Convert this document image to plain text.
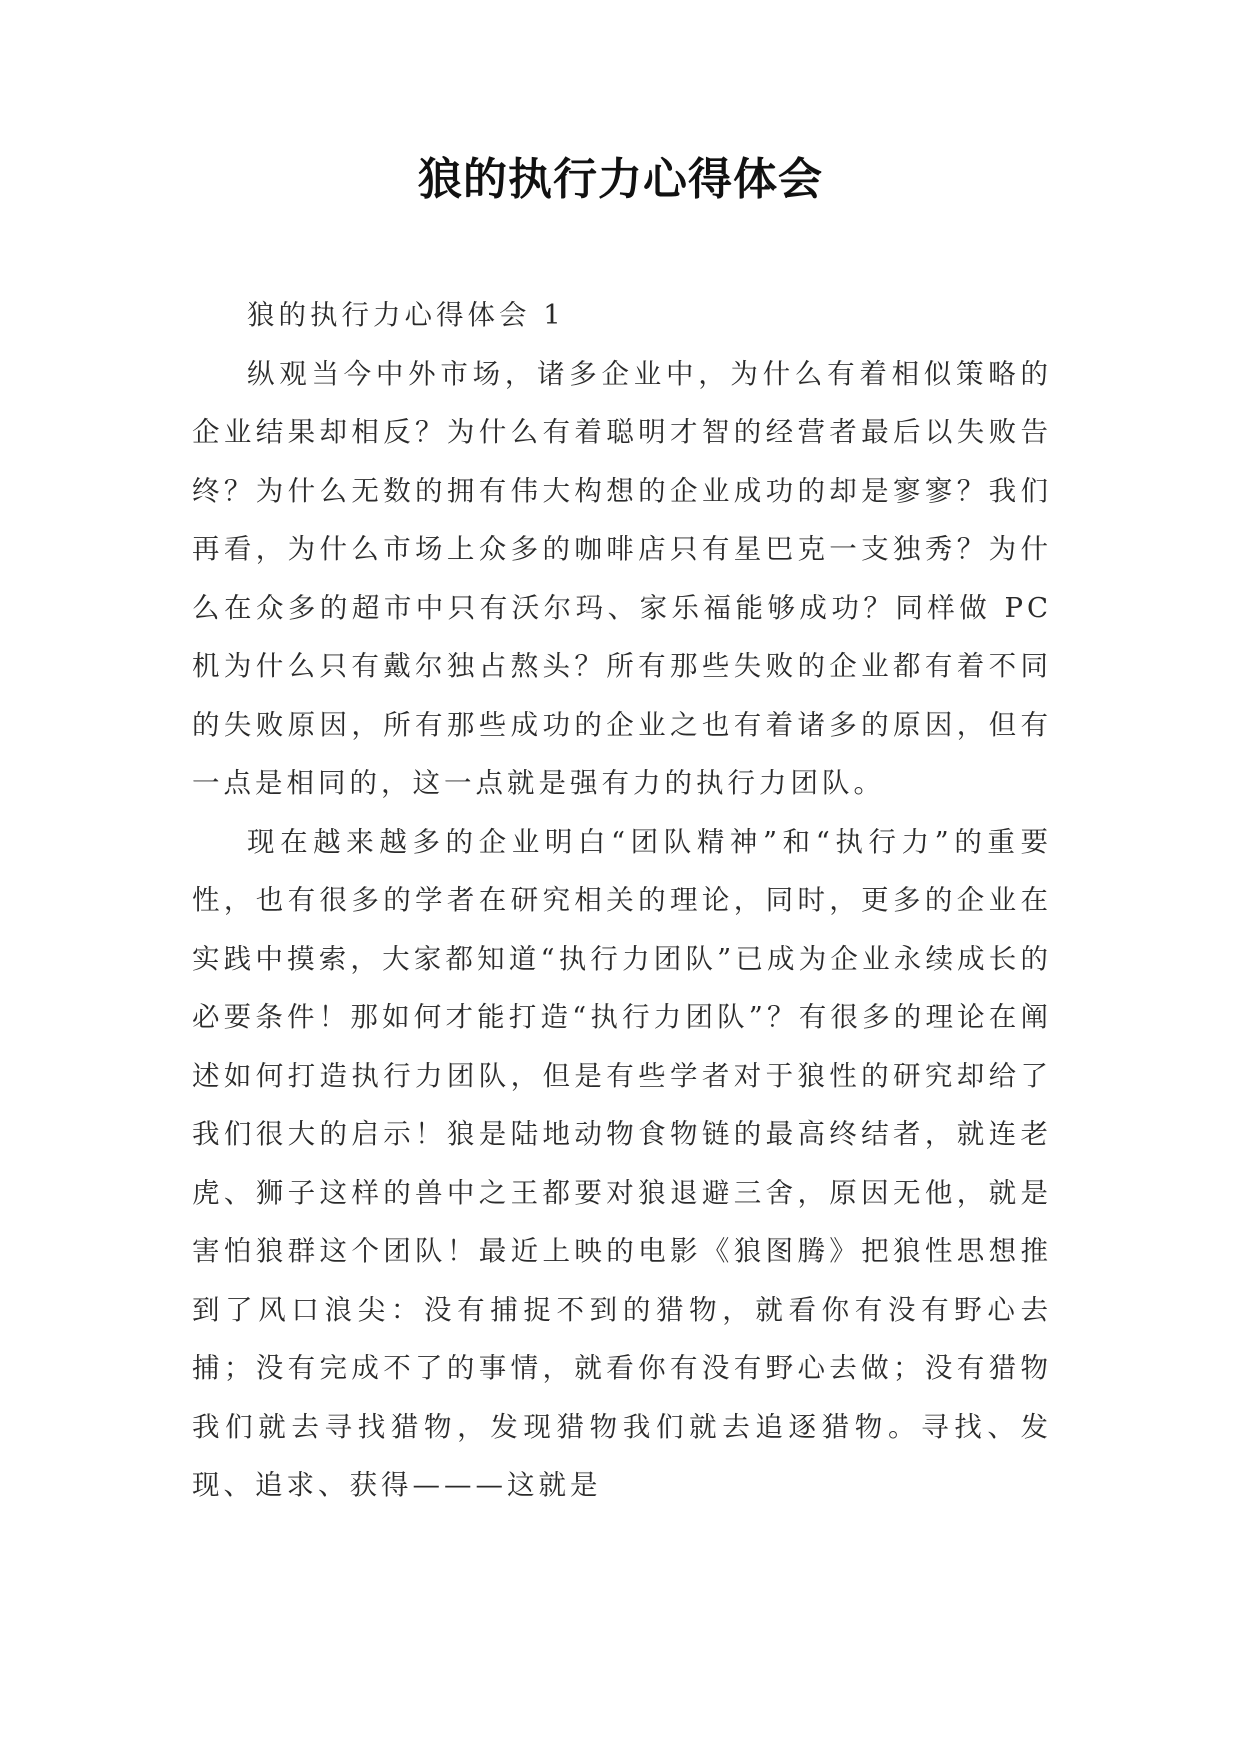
狼的执行力心得体会

狼的执行力心得体会 1

纵观当今中外市场，诸多企业中，为什么有着相似策略的企业结果却相反？为什么有着聪明才智的经营者最后以失败告终？为什么无数的拥有伟大构想的企业成功的却是寥寥？我们再看，为什么市场上众多的咖啡店只有星巴克一支独秀？为什么在众多的超市中只有沃尔玛、家乐福能够成功？同样做 PC 机为什么只有戴尔独占熬头？所有那些失败的企业都有着不同的失败原因，所有那些成功的企业之也有着诸多的原因，但有一点是相同的，这一点就是强有力的执行力团队。

现在越来越多的企业明白“团队精神”和“执行力”的重要性，也有很多的学者在研究相关的理论，同时，更多的企业在实践中摸索，大家都知道“执行力团队”已成为企业永续成长的必要条件！那如何才能打造“执行力团队”？有很多的理论在阐述如何打造执行力团队，但是有些学者对于狼性的研究却给了我们很大的启示！狼是陆地动物食物链的最高终结者，就连老虎、狮子这样的兽中之王都要对狼退避三舍，原因无他，就是害怕狼群这个团队！最近上映的电影《狼图腾》把狼性思想推到了风口浪尖：没有捕捉不到的猎物，就看你有没有野心去捕；没有完成不了的事情，就看你有没有野心去做；没有猎物我们就去寻找猎物，发现猎物我们就去追逐猎物。寻找、发现、追求、获得———这就是
